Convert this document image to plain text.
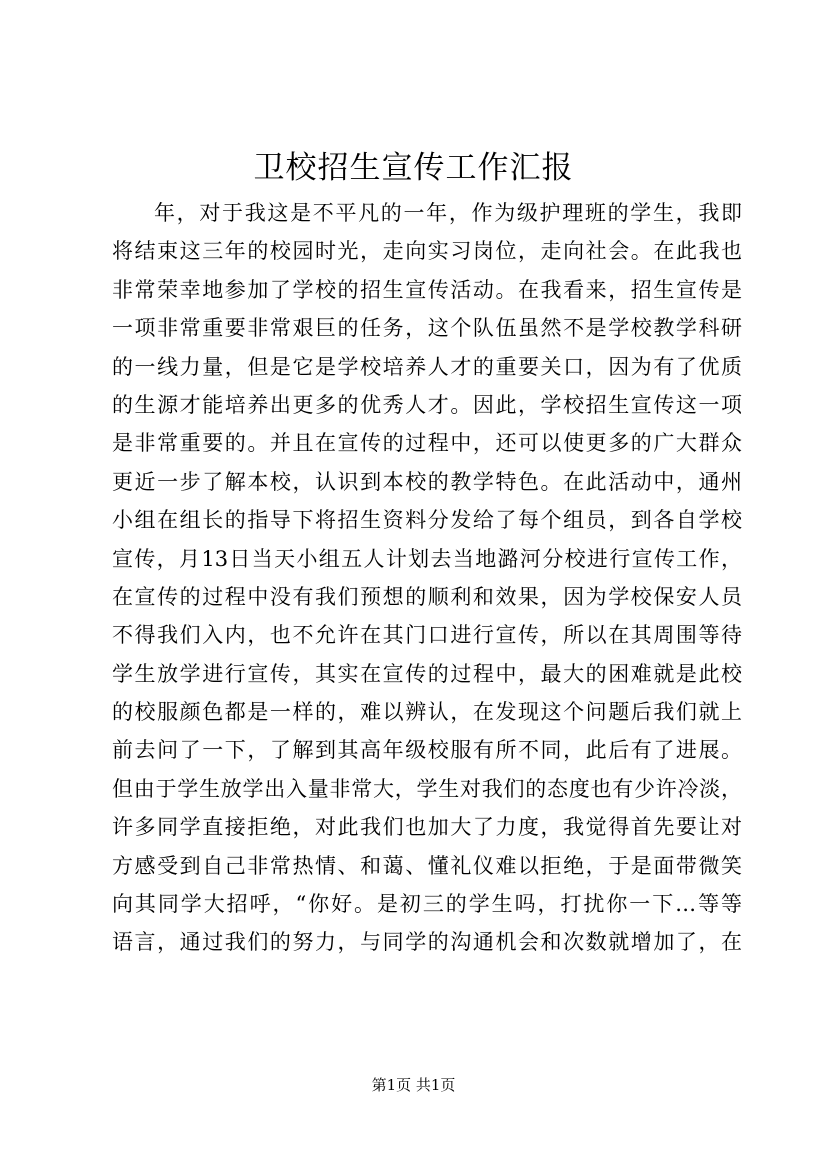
卫校招生宣传工作汇报
年，对于我这是不平凡的一年，作为级护理班的学生，我即
将结束这三年的校园时光，走向实习岗位，走向社会。在此我也
非常荣幸地参加了学校的招生宣传活动。在我看来，招生宣传是
一项非常重要非常艰巨的任务，这个队伍虽然不是学校教学科研
的一线力量，但是它是学校培养人才的重要关口，因为有了优质
的生源才能培养出更多的优秀人才。因此，学校招生宣传这一项
是非常重要的。并且在宣传的过程中，还可以使更多的广大群众
更近一步了解本校，认识到本校的教学特色。在此活动中，通州
小组在组长的指导下将招生资料分发给了每个组员，到各自学校
宣传，月13日当天小组五人计划去当地潞河分校进行宣传工作，
在宣传的过程中没有我们预想的顺利和效果，因为学校保安人员
不得我们入内，也不允许在其门口进行宣传，所以在其周围等待
学生放学进行宣传，其实在宣传的过程中，最大的困难就是此校
的校服颜色都是一样的，难以辨认，在发现这个问题后我们就上
前去问了一下，了解到其高年级校服有所不同，此后有了进展。
但由于学生放学出入量非常大，学生对我们的态度也有少许冷淡，
许多同学直接拒绝，对此我们也加大了力度，我觉得首先要让对
方感受到自己非常热情、和蔼、懂礼仪难以拒绝，于是面带微笑
向其同学大招呼，“你好。是初三的学生吗，打扰你一下…等等
语言，通过我们的努力，与同学的沟通机会和次数就增加了，在
第1页 共1页
